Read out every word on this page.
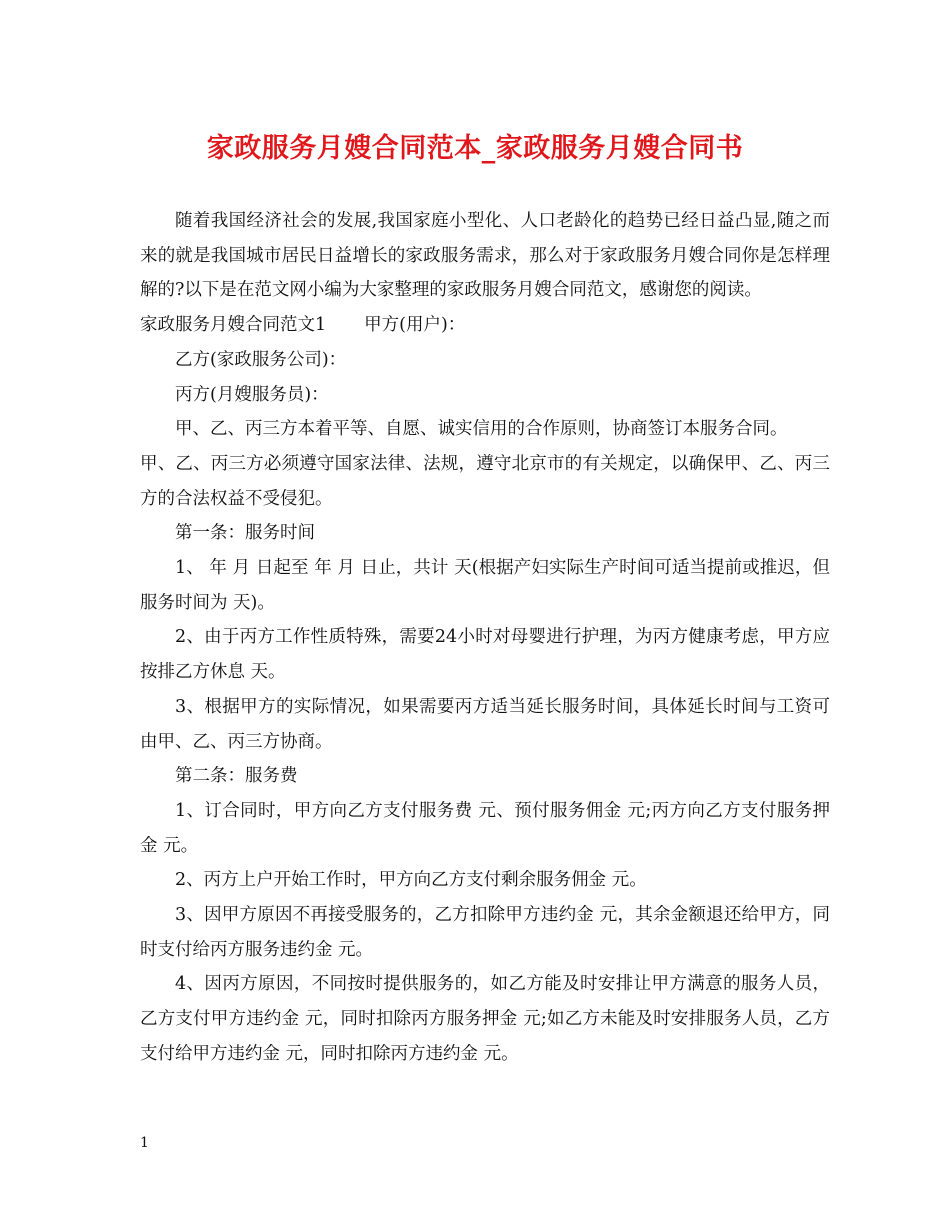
家政服务月嫂合同范本_家政服务月嫂合同书

随着我国经济社会的发展,我国家庭小型化、人口老龄化的趋势已经日益凸显,随之而来的就是我国城市居民日益增长的家政服务需求，那么对于家政服务月嫂合同你是怎样理解的?以下是在范文网小编为大家整理的家政服务月嫂合同范文，感谢您的阅读。

家政服务月嫂合同范文1 甲方(用户)：

乙方(家政服务公司)：

丙方(月嫂服务员)：

甲、乙、丙三方本着平等、自愿、诚实信用的合作原则，协商签订本服务合同。

甲、乙、丙三方必须遵守国家法律、法规，遵守北京市的有关规定，以确保甲、乙、丙三方的合法权益不受侵犯。

第一条：服务时间

1、 年 月 日起至 年 月 日止，共计 天(根据产妇实际生产时间可适当提前或推迟，但服务时间为 天)。

2、由于丙方工作性质特殊，需要24小时对母婴进行护理，为丙方健康考虑，甲方应按排乙方休息 天。

3、根据甲方的实际情况，如果需要丙方适当延长服务时间，具体延长时间与工资可由甲、乙、丙三方协商。

第二条：服务费

1、订合同时，甲方向乙方支付服务费 元、预付服务佣金 元;丙方向乙方支付服务押金 元。

2、丙方上户开始工作时，甲方向乙方支付剩余服务佣金 元。

3、因甲方原因不再接受服务的，乙方扣除甲方违约金 元，其余金额退还给甲方，同时支付给丙方服务违约金 元。

4、因丙方原因，不同按时提供服务的，如乙方能及时安排让甲方满意的服务人员，乙方支付甲方违约金 元，同时扣除丙方服务押金 元;如乙方未能及时安排服务人员，乙方支付给甲方违约金 元，同时扣除丙方违约金 元。

1
